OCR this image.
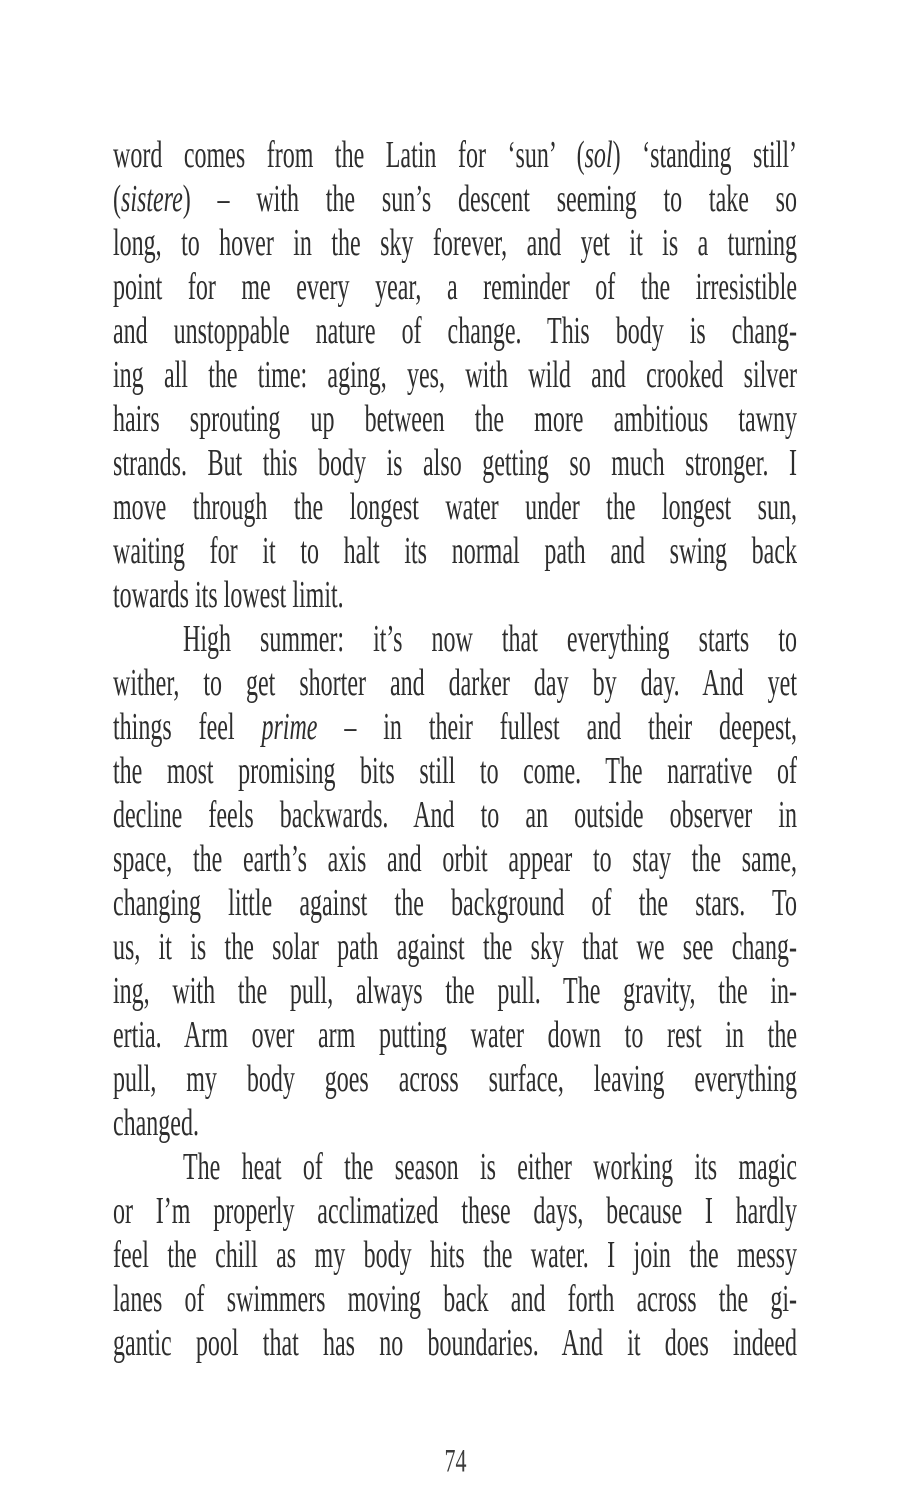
word comes from the Latin for ‘sun’ (sol) ‘standing still’
(sistere) – with the sun’s descent seeming to take so
long, to hover in the sky forever, and yet it is a turning
point for me every year, a reminder of the irresistible
and unstoppable nature of change. This body is chang-
ing all the time: aging, yes, with wild and crooked silver
hairs sprouting up between the more ambitious tawny
strands. But this body is also getting so much stronger. I
move through the longest water under the longest sun,
waiting for it to halt its normal path and swing back
towards its lowest limit.
High summer: it’s now that everything starts to
wither, to get shorter and darker day by day. And yet
things feel prime – in their fullest and their deepest,
the most promising bits still to come. The narrative of
decline feels backwards. And to an outside observer in
space, the earth’s axis and orbit appear to stay the same,
changing little against the background of the stars. To
us, it is the solar path against the sky that we see chang-
ing, with the pull, always the pull. The gravity, the in-
ertia. Arm over arm putting water down to rest in the
pull, my body goes across surface, leaving everything
changed.
The heat of the season is either working its magic
or I’m properly acclimatized these days, because I hardly
feel the chill as my body hits the water. I join the messy
lanes of swimmers moving back and forth across the gi-
gantic pool that has no boundaries. And it does indeed
74
